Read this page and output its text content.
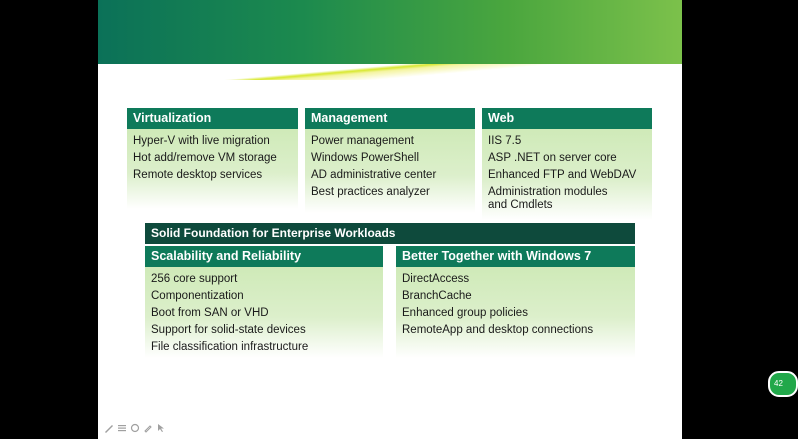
Virtualization
Hyper-V with live migration
Hot add/remove VM storage
Remote desktop services
Management
Power management
Windows PowerShell
AD administrative center
Best practices analyzer
Web
IIS 7.5
ASP .NET on server core
Enhanced FTP and WebDAV
Administration modules
and Cmdlets
Solid Foundation for Enterprise Workloads
Scalability and Reliability
256 core support
Componentization
Boot from SAN or VHD
Support for solid-state devices
File classification infrastructure
Better Together with Windows 7
DirectAccess
BranchCache
Enhanced group policies
RemoteApp and desktop connections
42
